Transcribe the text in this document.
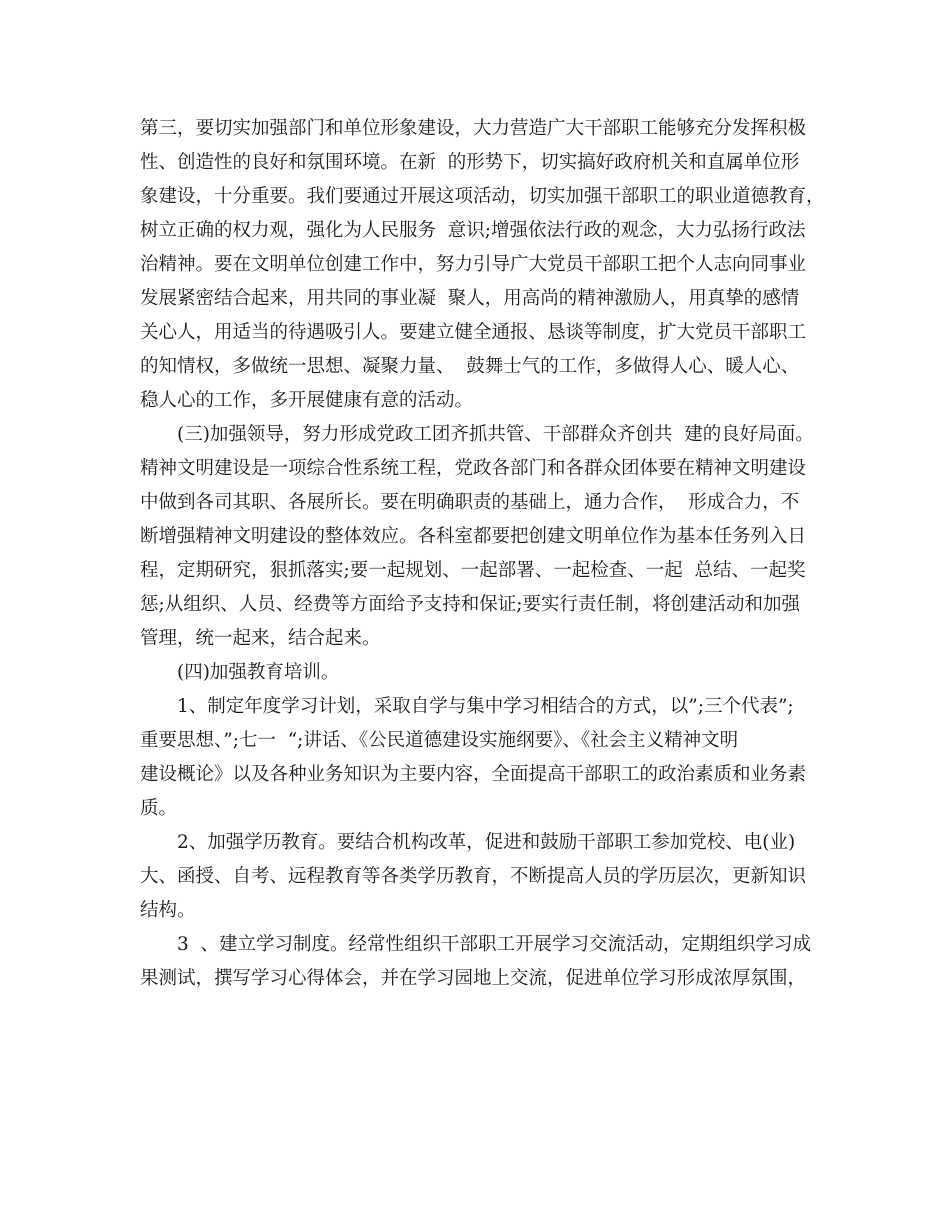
第三，要切实加强部门和单位形象建设，大力营造广大干部职工能够充分发挥积极
性、创造性的良好和氛围环境。在新  的形势下，切实搞好政府机关和直属单位形
象建设，十分重要。我们要通过开展这项活动，切实加强干部职工的职业道德教育，
树立正确的权力观，强化为人民服务  意识;增强依法行政的观念，大力弘扬行政法
治精神。要在文明单位创建工作中，努力引导广大党员干部职工把个人志向同事业
发展紧密结合起来，用共同的事业凝  聚人，用高尚的精神激励人，用真挚的感情
关心人，用适当的待遇吸引人。要建立健全通报、恳谈等制度，扩大党员干部职工
的知情权，多做统一思想、凝聚力量、  鼓舞士气的工作，多做得人心、暖人心、
稳人心的工作，多开展健康有意的活动。
(三)加强领导，努力形成党政工团齐抓共管、干部群众齐创共  建的良好局面。
精神文明建设是一项综合性系统工程，党政各部门和各群众团体要在精神文明建设
中做到各司其职、各展所长。要在明确职责的基础上，通力合作，  形成合力，不
断增强精神文明建设的整体效应。各科室都要把创建文明单位作为基本任务列入日
程，定期研究，狠抓落实;要一起规划、一起部署、一起检查、一起  总结、一起奖
惩;从组织、人员、经费等方面给予支持和保证;要实行责任制，将创建活动和加强
管理，统一起来，结合起来。
(四)加强教育培训。
1、制定年度学习计划，采取自学与集中学习相结合的方式，以”;三个代表”;
重要思想、”;七一  “;讲话、《公民道德建设实施纲要》、《社会主义精神文明
建设概论》以及各种业务知识为主要内容，全面提高干部职工的政治素质和业务素
质。
2、加强学历教育。要结合机构改革，促进和鼓励干部职工参加党校、电(业)
大、函授、自考、远程教育等各类学历教育，不断提高人员的学历层次，更新知识
结构。
3  、建立学习制度。经常性组织干部职工开展学习交流活动，定期组织学习成
果测试，撰写学习心得体会，并在学习园地上交流，促进单位学习形成浓厚氛围，
